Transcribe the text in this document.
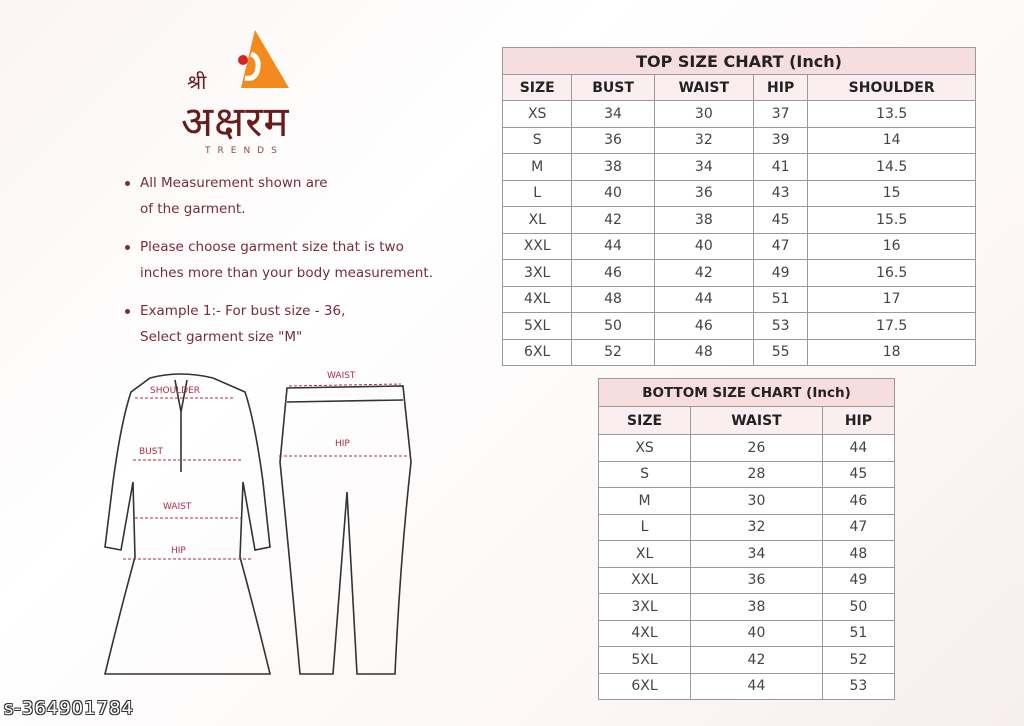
श्री
अक्षरम
TRENDS
All Measurement shown are
of the garment.
Please choose garment size that is two
inches more than your body measurement.
Example 1:- For bust size - 36,
Select garment size "M"
TOP SIZE CHART (Inch)				
SIZE	BUST	WAIST	HIP	SHOULDER
XS	34	30	37	13.5
S	36	32	39	14
M	38	34	41	14.5
L	40	36	43	15
XL	42	38	45	15.5
XXL	44	40	47	16
3XL	46	42	49	16.5
4XL	48	44	51	17
5XL	50	46	53	17.5
6XL	52	48	55	18
BOTTOM SIZE CHART (Inch)		
SIZE	WAIST	HIP
XS	26	44
S	28	45
M	30	46
L	32	47
XL	34	48
XXL	36	49
3XL	38	50
4XL	40	51
5XL	42	52
6XL	44	53
SHOULDER
BUST
WAIST
HIP
WAIST
HIP
s-364901784
